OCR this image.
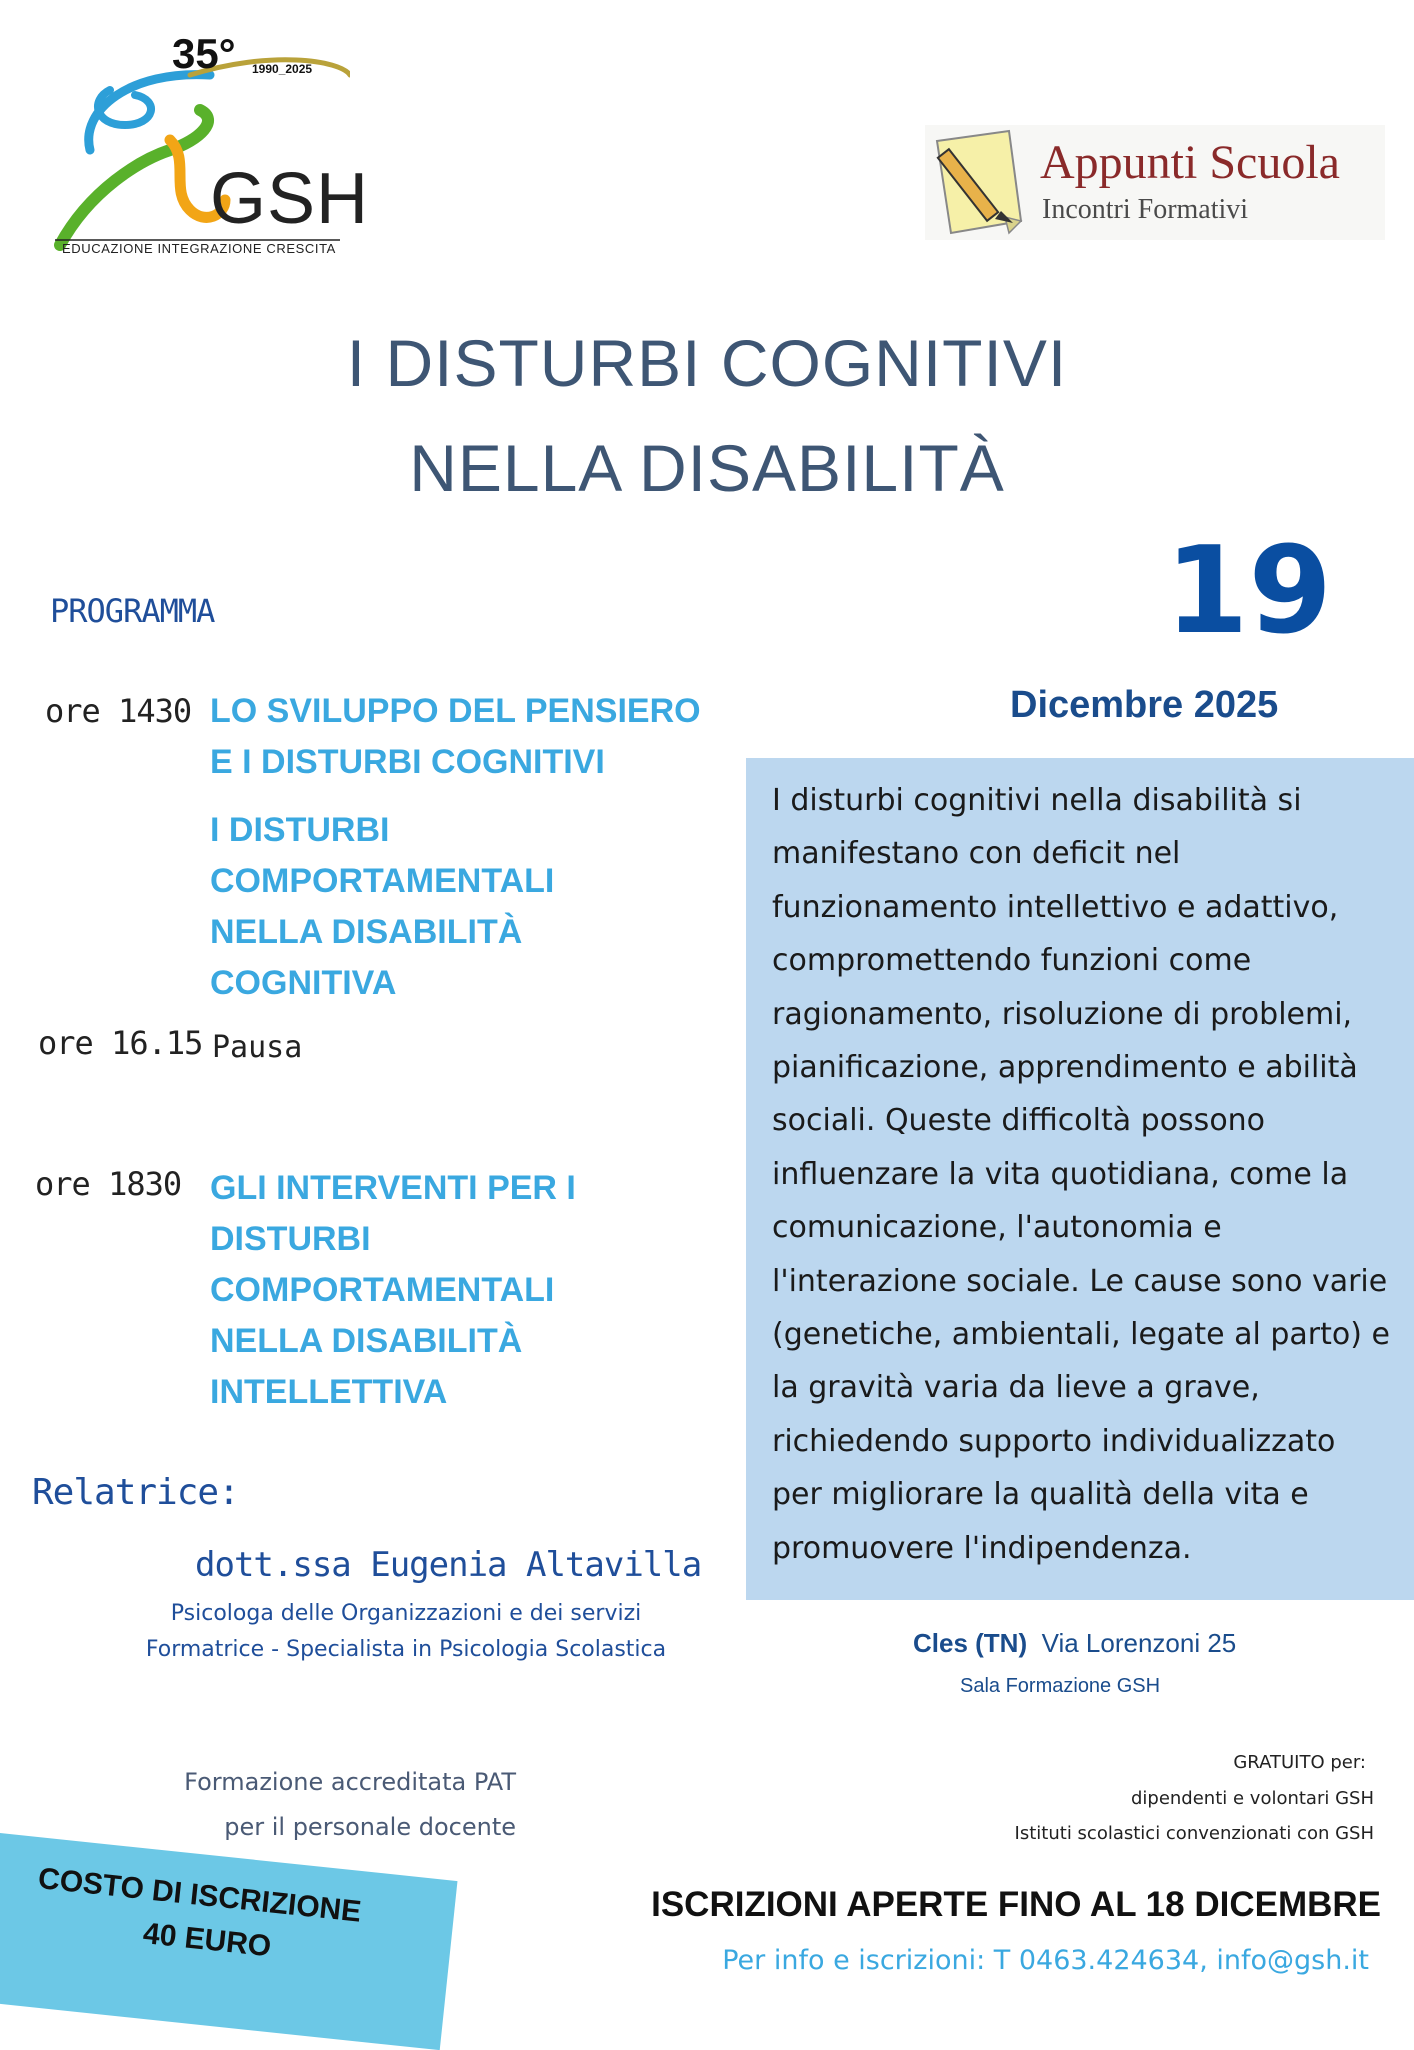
35° 1990_2025
GSH
EDUCAZIONE INTEGRAZIONE CRESCITA
Appunti Scuola
Incontri Formativi
I DISTURBI COGNITIVI
NELLA DISABILITÀ
19
Dicembre 2025
PROGRAMMA
ore 1430 LO SVILUPPO DEL PENSIERO
E I DISTURBI COGNITIVI
I DISTURBI
COMPORTAMENTALI
NELLA DISABILITÀ
COGNITIVA
ore 16.15 Pausa
ore 1830 GLI INTERVENTI PER I
DISTURBI
COMPORTAMENTALI
NELLA DISABILITÀ
INTELLETTIVA
I disturbi cognitivi nella disabilità si manifestano con deficit nel funzionamento intellettivo e adattivo, compromettendo funzioni come ragionamento, risoluzione di problemi, pianificazione, apprendimento e abilità sociali. Queste difficoltà possono influenzare la vita quotidiana, come la comunicazione, l'autonomia e l'interazione sociale. Le cause sono varie (genetiche, ambientali, legate al parto) e la gravità varia da lieve a grave, richiedendo supporto individualizzato per migliorare la qualità della vita e promuovere l'indipendenza.
Relatrice:
dott.ssa Eugenia Altavilla
Psicologa delle Organizzazioni e dei servizi
Formatrice - Specialista in Psicologia Scolastica	Cles (TN) Via Lorenzoni 25
Sala Formazione GSH
Formazione accreditata PAT
per il personale docente
GRATUITO per:
dipendenti e volontari GSH
Istituti scolastici convenzionati con GSH
COSTO DI ISCRIZIONE
40 EURO
ISCRIZIONI APERTE FINO AL 18 DICEMBRE
Per info e iscrizioni: T 0463.424634, info@gsh.it
